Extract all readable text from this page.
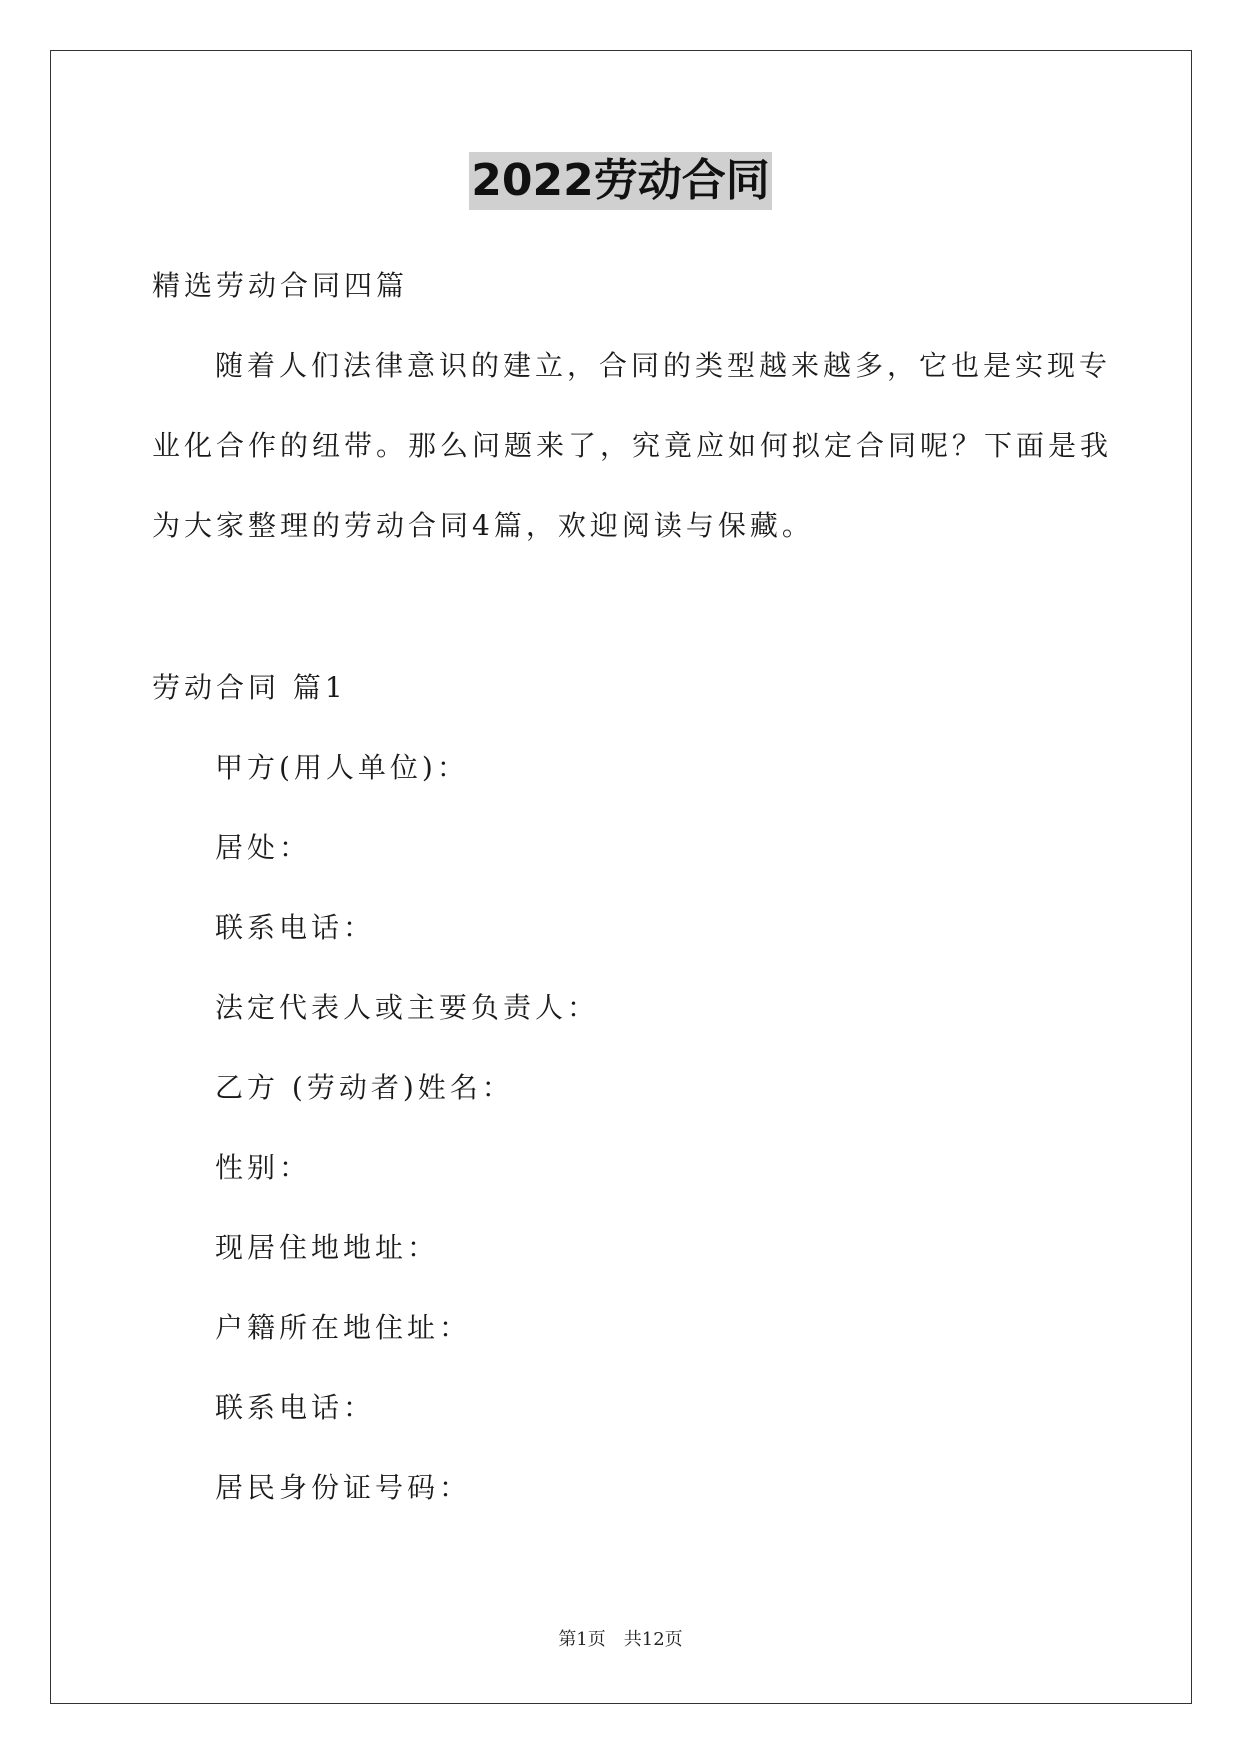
2022劳动合同
精选劳动合同四篇
随着人们法律意识的建立，合同的类型越来越多，它也是实现专
业化合作的纽带。那么问题来了，究竟应如何拟定合同呢？下面是我
为大家整理的劳动合同4篇，欢迎阅读与保藏。
劳动合同 篇1
甲方(用人单位)：
居处：
联系电话：
法定代表人或主要负责人：
乙方 (劳动者)姓名：
性别：
现居住地地址：
户籍所在地住址：
联系电话：
居民身份证号码：
第1页 共12页
